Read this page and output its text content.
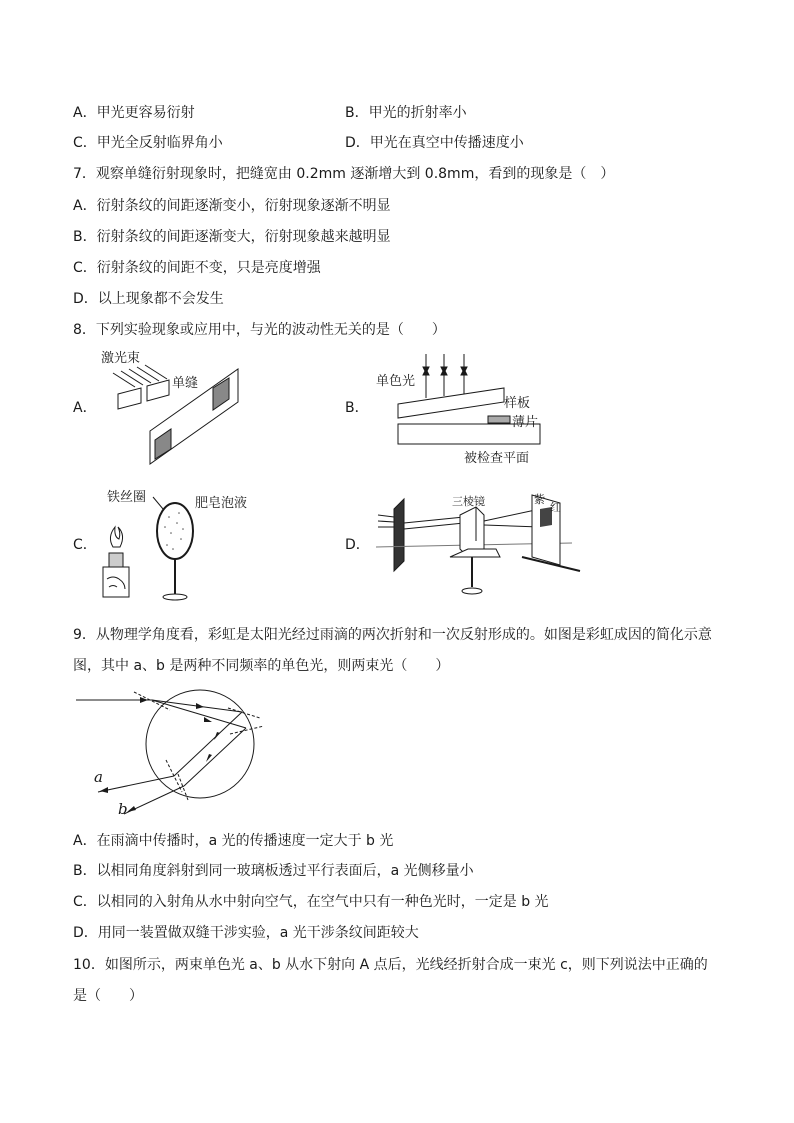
A．甲光更容易衍射	B．甲光的折射率小
C．甲光全反射临界角小	D．甲光在真空中传播速度小
7．观察单缝衍射现象时，把缝宽由 0.2mm 逐渐增大到 0.8mm，看到的现象是（　）
A．衍射条纹的间距逐渐变小，衍射现象逐渐不明显
B．衍射条纹的间距逐渐变大，衍射现象越来越明显
C．衍射条纹的间距不变，只是亮度增强
D．以上现象都不会发生
8．下列实验现象或应用中，与光的波动性无关的是（　　）
A．	B．
C．	D．
激光束
单缝	单色光
样板
薄片
被检查平面
铁丝圈	肥皂泡液	三棱镜	紫
红
9．从物理学角度看，彩虹是太阳光经过雨滴的两次折射和一次反射形成的。如图是彩虹成因的简化示意
图，其中 a、b 是两种不同频率的单色光，则两束光（　　）
a
b
A．在雨滴中传播时，a 光的传播速度一定大于 b 光
B．以相同角度斜射到同一玻璃板透过平行表面后，a 光侧移量小
C．以相同的入射角从水中射向空气，在空气中只有一种色光时，一定是 b 光
D．用同一装置做双缝干涉实验，a 光干涉条纹间距较大
10．如图所示，两束单色光 a、b 从水下射向 A 点后，光线经折射合成一束光 c，则下列说法中正确的
是（　　）
